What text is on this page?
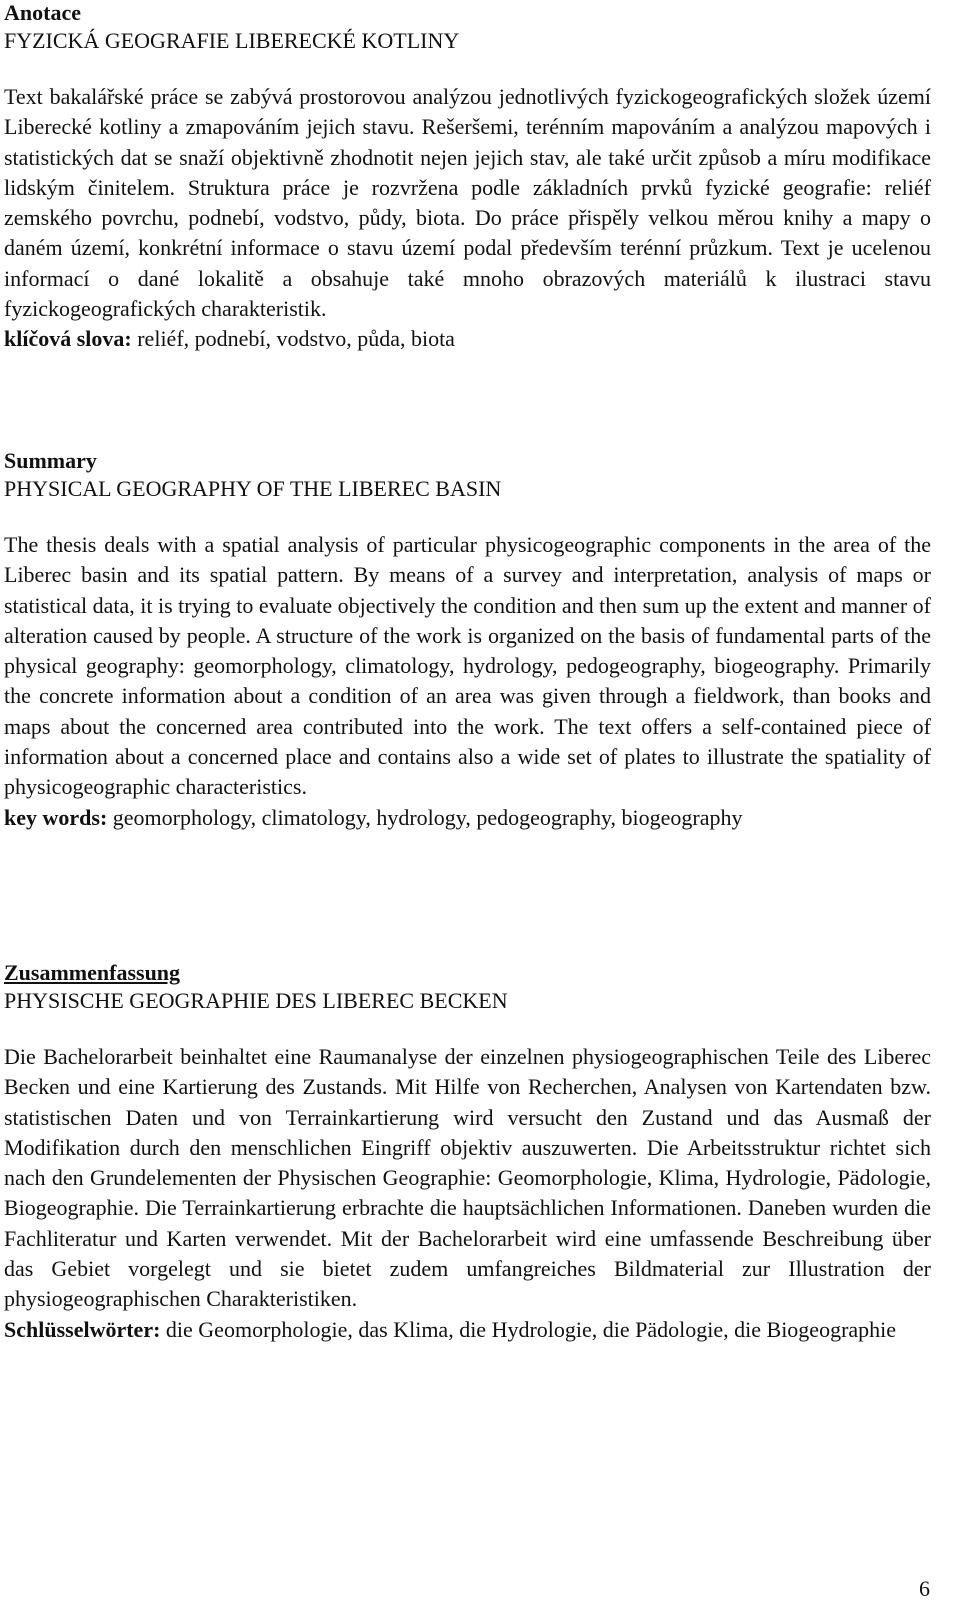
Anotace

FYZICKÁ GEOGRAFIE LIBERECKÉ KOTLINY

Text bakalářské práce se zabývá prostorovou analýzou jednotlivých fyzickogeografických složek území Liberecké kotliny a zmapováním jejich stavu. Rešeršemi, terénním mapováním a analýzou mapových i statistických dat se snaží objektivně zhodnotit nejen jejich stav, ale také určit způsob a míru modifikace lidským činitelem. Struktura práce je rozvržena podle základních prvků fyzické geografie: reliéf zemského povrchu, podnebí, vodstvo, půdy, biota. Do práce přispěly velkou měrou knihy a mapy o daném území, konkrétní informace o stavu území podal především terénní průzkum. Text je ucelenou informací o dané lokalitě a obsahuje také mnoho obrazových materiálů k ilustraci stavu fyzickogeografických charakteristik.

klíčová slova: reliéf, podnebí, vodstvo, půda, biota

Summary

PHYSICAL GEOGRAPHY OF THE LIBEREC BASIN

The thesis deals with a spatial analysis of particular physicogeographic components in the area of the Liberec basin and its spatial pattern. By means of a survey and interpretation, analysis of maps or statistical data, it is trying to evaluate objectively the condition and then sum up the extent and manner of alteration caused by people. A structure of the work is organized on the basis of fundamental parts of the physical geography: geomorphology, climatology, hydrology, pedogeography, biogeography. Primarily the concrete information about a condition of an area was given through a fieldwork, than books and maps about the concerned area contributed into the work. The text offers a self-contained piece of information about a concerned place and contains also a wide set of plates to illustrate the spatiality of physicogeographic characteristics.

key words: geomorphology, climatology, hydrology, pedogeography, biogeography

Zusammenfassung

PHYSISCHE GEOGRAPHIE DES LIBEREC BECKEN

Die Bachelorarbeit beinhaltet eine Raumanalyse der einzelnen physiogeographischen Teile des Liberec Becken und eine Kartierung des Zustands. Mit Hilfe von Recherchen, Analysen von Kartendaten bzw. statistischen Daten und von Terrainkartierung wird versucht den Zustand und das Ausmaß der Modifikation durch den menschlichen Eingriff objektiv auszuwerten. Die Arbeitsstruktur richtet sich nach den Grundelementen der Physischen Geographie: Geomorphologie, Klima, Hydrologie, Pädologie, Biogeographie. Die Terrainkartierung erbrachte die hauptsächlichen Informationen. Daneben wurden die Fachliteratur und Karten verwendet. Mit der Bachelorarbeit wird eine umfassende Beschreibung über das Gebiet vorgelegt und sie bietet zudem umfangreiches Bildmaterial zur Illustration der physiogeographischen Charakteristiken.

Schlüsselwörter: die Geomorphologie, das Klima, die Hydrologie, die Pädologie, die Biogeographie

6
